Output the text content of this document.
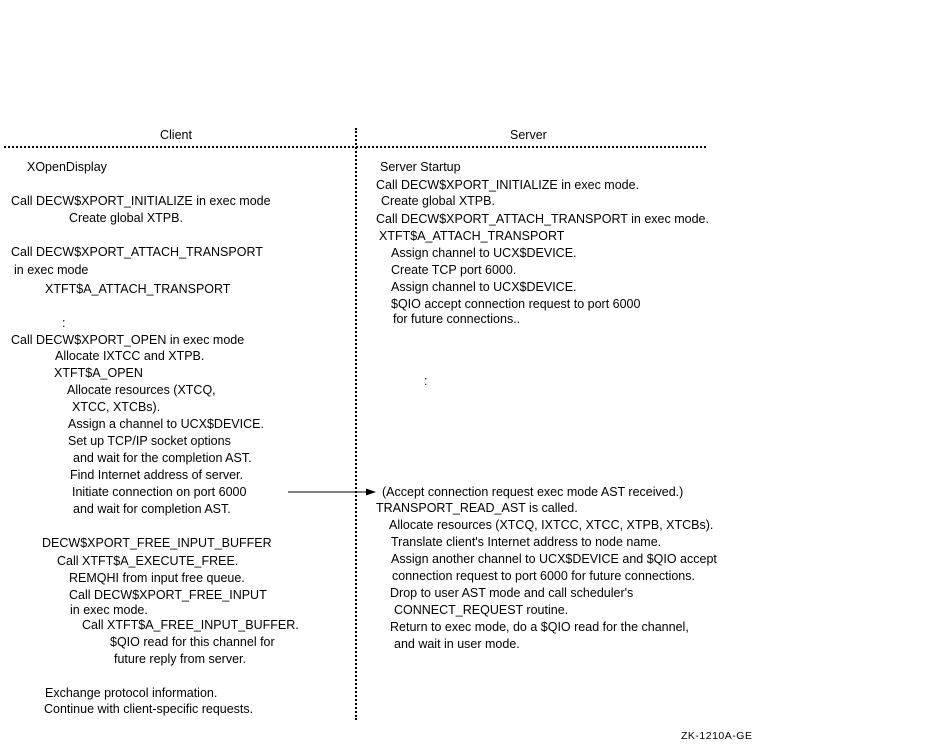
Client	Server
XOpenDisplay
Call DECW$XPORT_INITIALIZE in exec mode
Create global XTPB.
Call DECW$XPORT_ATTACH_TRANSPORT
in exec mode
XTFT$A_ATTACH_TRANSPORT
:
Call DECW$XPORT_OPEN in exec mode
Allocate IXTCC and XTPB.
XTFT$A_OPEN
Allocate resources (XTCQ,
XTCC, XTCBs).
Assign a channel to UCX$DEVICE.
Set up TCP/IP socket options
and wait for the completion AST.
Find Internet address of server.
Initiate connection on port 6000
and wait for completion AST.
DECW$XPORT_FREE_INPUT_BUFFER
Call XTFT$A_EXECUTE_FREE.
REMQHI from input free queue.
Call DECW$XPORT_FREE_INPUT
in exec mode.
Call XTFT$A_FREE_INPUT_BUFFER.
$QIO read for this channel for
future reply from server.
Exchange protocol information.
Continue with client-specific requests.
Server Startup
Call DECW$XPORT_INITIALIZE in exec mode.
Create global XTPB.
Call DECW$XPORT_ATTACH_TRANSPORT in exec mode.
XTFT$A_ATTACH_TRANSPORT
Assign channel to UCX$DEVICE.
Create TCP port 6000.
Assign channel to UCX$DEVICE.
$QIO accept connection request to port 6000
for future connections..
:
(Accept connection request exec mode AST received.)
TRANSPORT_READ_AST is called.
Allocate resources (XTCQ, IXTCC, XTCC, XTPB, XTCBs).
Translate client's Internet address to node name.
Assign another channel to UCX$DEVICE and $QIO accept
connection request to port 6000 for future connections.
Drop to user AST mode and call scheduler's
CONNECT_REQUEST routine.
Return to exec mode, do a $QIO read for the channel,
and wait in user mode.
ZK-1210A-GE
